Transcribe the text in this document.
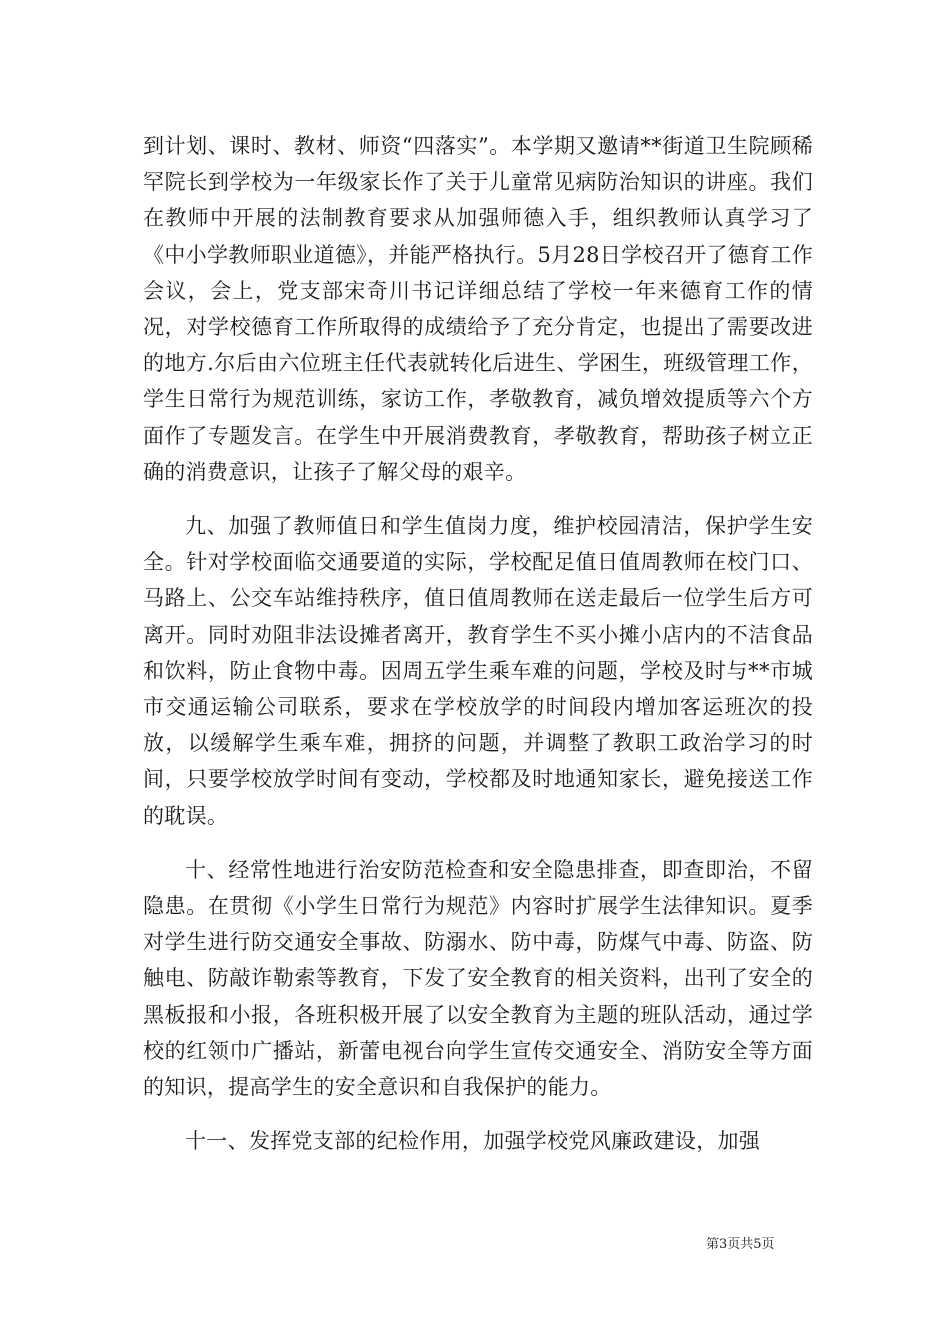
到计划、课时、教材、师资“四落实”。本学期又邀请**街道卫生院顾稀罕院长到学校为一年级家长作了关于儿童常见病防治知识的讲座。我们在教师中开展的法制教育要求从加强师德入手，组织教师认真学习了《中小学教师职业道德》，并能严格执行。5月28日学校召开了德育工作会议，会上，党支部宋奇川书记详细总结了学校一年来德育工作的情况，对学校德育工作所取得的成绩给予了充分肯定，也提出了需要改进的地方.尔后由六位班主任代表就转化后进生、学困生，班级管理工作，学生日常行为规范训练，家访工作，孝敬教育，减负增效提质等六个方面作了专题发言。在学生中开展消费教育，孝敬教育，帮助孩子树立正确的消费意识，让孩子了解父母的艰辛。

九、加强了教师值日和学生值岗力度，维护校园清洁，保护学生安全。针对学校面临交通要道的实际，学校配足值日值周教师在校门口、马路上、公交车站维持秩序，值日值周教师在送走最后一位学生后方可离开。同时劝阻非法设摊者离开，教育学生不买小摊小店内的不洁食品和饮料，防止食物中毒。因周五学生乘车难的问题，学校及时与**市城市交通运输公司联系，要求在学校放学的时间段内增加客运班次的投放，以缓解学生乘车难，拥挤的问题，并调整了教职工政治学习的时间，只要学校放学时间有变动，学校都及时地通知家长，避免接送工作的耽误。

十、经常性地进行治安防范检查和安全隐患排查，即查即治，不留隐患。在贯彻《小学生日常行为规范》内容时扩展学生法律知识。夏季对学生进行防交通安全事故、防溺水、防中毒，防煤气中毒、防盗、防触电、防敲诈勒索等教育，下发了安全教育的相关资料，出刊了安全的黑板报和小报，各班积极开展了以安全教育为主题的班队活动，通过学校的红领巾广播站，新蕾电视台向学生宣传交通安全、消防安全等方面的知识，提高学生的安全意识和自我保护的能力。

十一、发挥党支部的纪检作用，加强学校党风廉政建设，加强

第3页共5页
